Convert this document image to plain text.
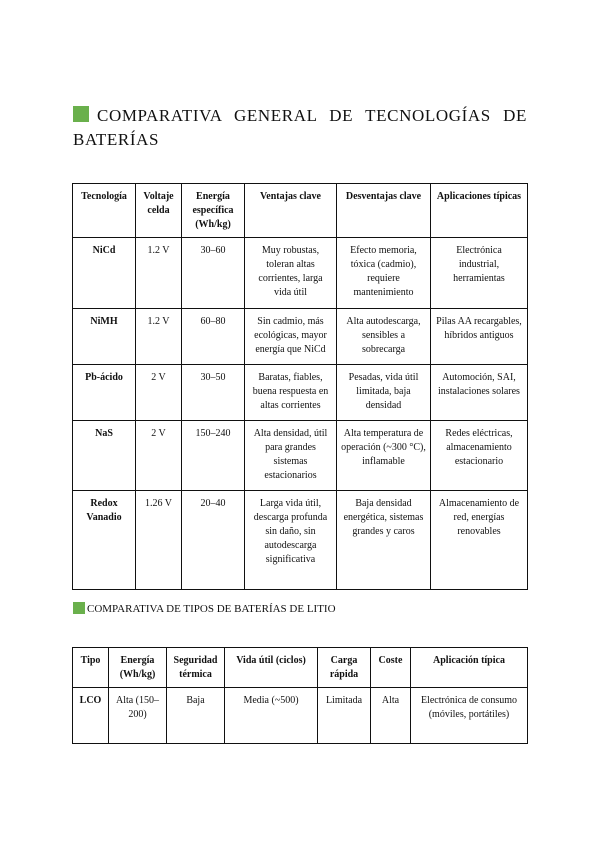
COMPARATIVA GENERAL DE TECNOLOGÍAS DE BATERÍAS
Tecnología	Voltaje celda	Energía específica (Wh/kg)	Ventajas clave	Desventajas clave	Aplicaciones típicas
NiCd	1.2 V	30–60	Muy robustas, toleran altas corrientes, larga vida útil	Efecto memoria, tóxica (cadmio), requiere mantenimiento	Electrónica industrial, herramientas
NiMH	1.2 V	60–80	Sin cadmio, más ecológicas, mayor energía que NiCd	Alta autodescarga, sensibles a sobrecarga	Pilas AA recargables, híbridos antiguos
Pb-ácido	2 V	30–50	Baratas, fiables, buena respuesta en altas corrientes	Pesadas, vida útil limitada, baja densidad	Automoción, SAI, instalaciones solares
NaS	2 V	150–240	Alta densidad, útil para grandes sistemas estacionarios	Alta temperatura de operación (~300 °C), inflamable	Redes eléctricas, almacenamiento estacionario
Redox Vanadio	1.26 V	20–40	Larga vida útil, descarga profunda sin daño, sin autodescarga significativa	Baja densidad energética, sistemas grandes y caros	Almacenamiento de red, energías renovables
COMPARATIVA DE TIPOS DE BATERÍAS DE LITIO
Tipo	Energía (Wh/kg)	Seguridad térmica	Vida útil (ciclos)	Carga rápida	Coste	Aplicación típica
LCO	Alta (150–200)	Baja	Media (~500)	Limitada	Alta	Electrónica de consumo (móviles, portátiles)
